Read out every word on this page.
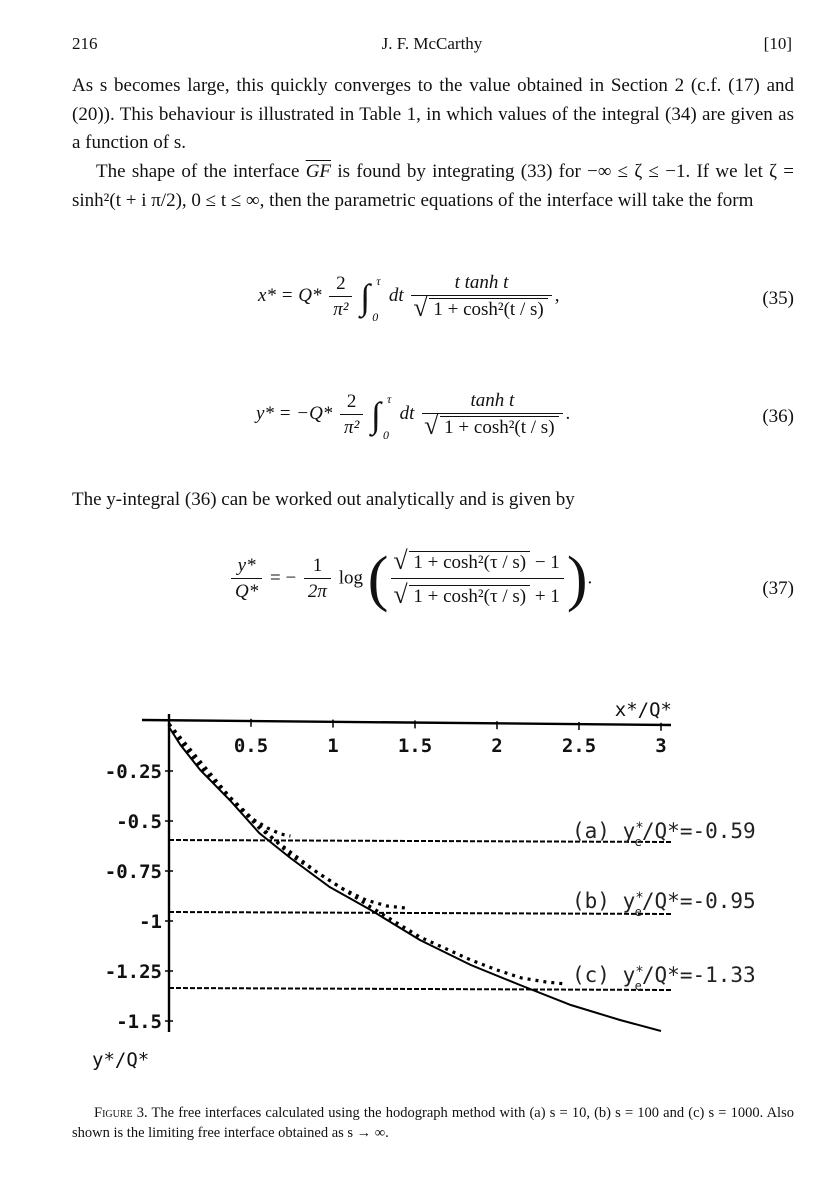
216	J. F. McCarthy	[10]

As s becomes large, this quickly converges to the value obtained in Section 2 (c.f. (17) and (20)). This behaviour is illustrated in Table 1, in which values of the integral (34) are given as a function of s.

The shape of the interface $\overline{GF}$ is found by integrating (33) for −∞ ≤ ζ ≤ −1. If we let ζ = sinh²(t + i π/2), 0 ≤ t ≤ ∞, then the parametric equations of the interface will take the form

$x* = Q* \frac{2}{\text{π²}}$ ∫ τ
0
dt t tanh t
√ 1 + cosh²(t / s) ,	(35)
$y* = -Q* \frac{2}{\text{π²}}$ ∫ τ
0
dt tanh t
√ 1 + cosh²(t / s) .	(36)

The y-integral (36) can be worked out analytically and is given by

$\frac{y*}{Q*}$ = − $\frac{1}{2\pi}$ log ( √ 1 + cosh²(τ / s) − 1
√ 1 + cosh²(τ / s) + 1 ).
(37)
0.5	1	1.5	2	2.5	3
-0.25
-0.5
-0.75
-1
-1.25
-1.5
x*/Q*
y*/Q*
(a) y* e/Q*=-0.59
(b) y* e/Q*=-0.95
(c) y* e/Q*=-1.33
Figure 3. The free interfaces calculated using the hodograph method with (a) s = 10, (b) s = 100 and (c) s = 1000. Also shown is the limiting free interface obtained as s → ∞.
